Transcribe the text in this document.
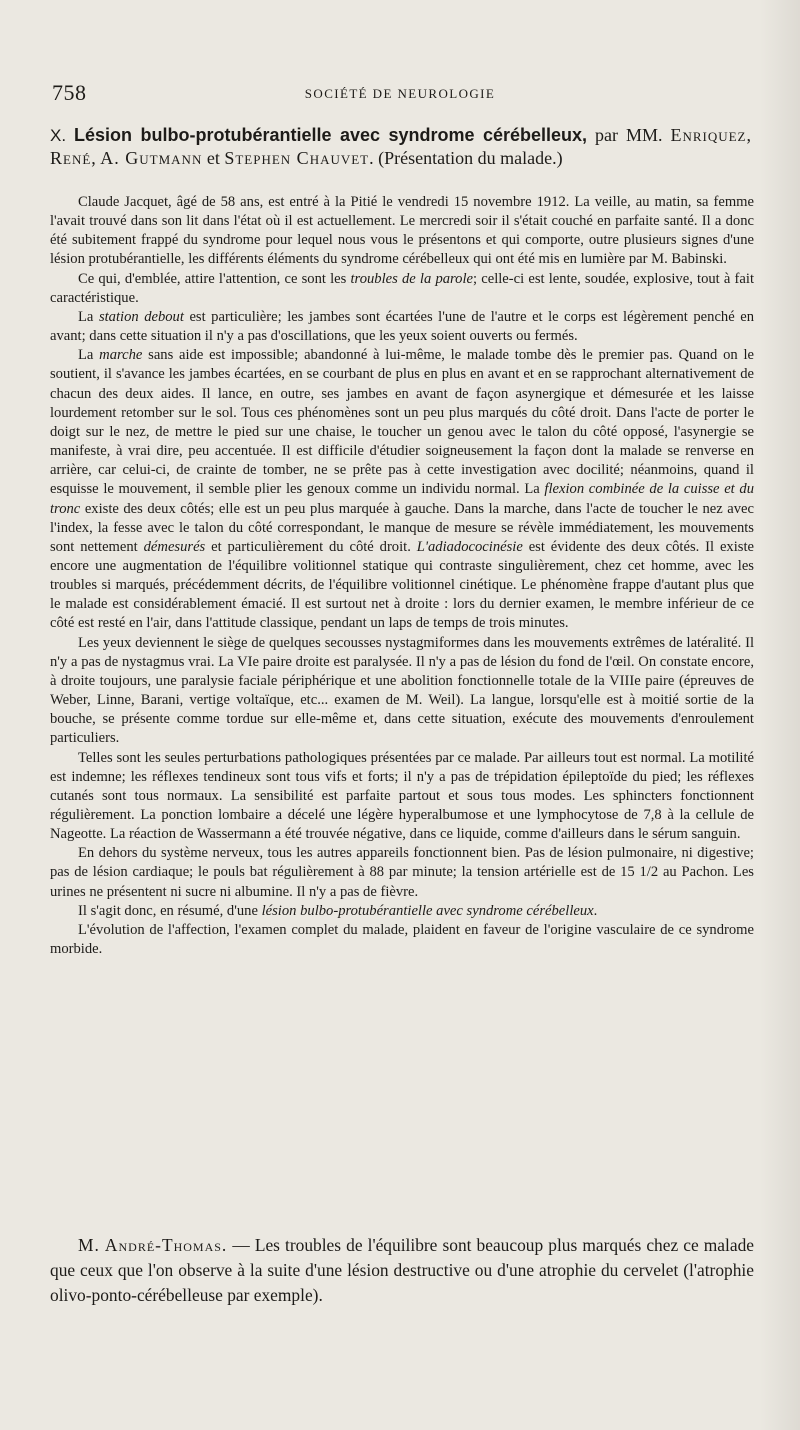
758	SOCIÉTÉ DE NEUROLOGIE
X. Lésion bulbo-protubérantielle avec syndrome cérébelleux, par MM. Enriquez, René, A. Gutmann et Stephen Chauvet. (Présentation du malade.)

Claude Jacquet, âgé de 58 ans, est entré à la Pitié le vendredi 15 novembre 1912. La veille, au matin, sa femme l'avait trouvé dans son lit dans l'état où il est actuellement. Le mercredi soir il s'était couché en parfaite santé. Il a donc été subitement frappé du syndrome pour lequel nous vous le présentons et qui comporte, outre plusieurs signes d'une lésion protubérantielle, les différents éléments du syndrome cérébelleux qui ont été mis en lumière par M. Babinski.

Ce qui, d'emblée, attire l'attention, ce sont les troubles de la parole; celle-ci est lente, soudée, explosive, tout à fait caractéristique.

La station debout est particulière; les jambes sont écartées l'une de l'autre et le corps est légèrement penché en avant; dans cette situation il n'y a pas d'oscillations, que les yeux soient ouverts ou fermés.

La marche sans aide est impossible; abandonné à lui-même, le malade tombe dès le premier pas. Quand on le soutient, il s'avance les jambes écartées, en se courbant de plus en plus en avant et en se rapprochant alternativement de chacun des deux aides. Il lance, en outre, ses jambes en avant de façon asynergique et démesurée et les laisse lourdement retomber sur le sol. Tous ces phénomènes sont un peu plus marqués du côté droit. Dans l'acte de porter le doigt sur le nez, de mettre le pied sur une chaise, le toucher un genou avec le talon du côté opposé, l'asynergie se manifeste, à vrai dire, peu accentuée. Il est difficile d'étudier soigneusement la façon dont la malade se renverse en arrière, car celui-ci, de crainte de tomber, ne se prête pas à cette investigation avec docilité; néanmoins, quand il esquisse le mouvement, il semble plier les genoux comme un individu normal. La flexion combinée de la cuisse et du tronc existe des deux côtés; elle est un peu plus marquée à gauche. Dans la marche, dans l'acte de toucher le nez avec l'index, la fesse avec le talon du côté correspondant, le manque de mesure se révèle immédiatement, les mouvements sont nettement démesurés et particulièrement du côté droit. L'adiadococinésie est évidente des deux côtés. Il existe encore une augmentation de l'équilibre volitionnel statique qui contraste singulièrement, chez cet homme, avec les troubles si marqués, précédemment décrits, de l'équilibre volitionnel cinétique. Le phénomène frappe d'autant plus que le malade est considérablement émacié. Il est surtout net à droite : lors du dernier examen, le membre inférieur de ce côté est resté en l'air, dans l'attitude classique, pendant un laps de temps de trois minutes.

Les yeux deviennent le siège de quelques secousses nystagmiformes dans les mouvements extrêmes de latéralité. Il n'y a pas de nystagmus vrai. La VIe paire droite est paralysée. Il n'y a pas de lésion du fond de l'œil. On constate encore, à droite toujours, une paralysie faciale périphérique et une abolition fonctionnelle totale de la VIIIe paire (épreuves de Weber, Linne, Barani, vertige voltaïque, etc... examen de M. Weil). La langue, lorsqu'elle est à moitié sortie de la bouche, se présente comme tordue sur elle-même et, dans cette situation, exécute des mouvements d'enroulement particuliers.

Telles sont les seules perturbations pathologiques présentées par ce malade. Par ailleurs tout est normal. La motilité est indemne; les réflexes tendineux sont tous vifs et forts; il n'y a pas de trépidation épileptoïde du pied; les réflexes cutanés sont tous normaux. La sensibilité est parfaite partout et sous tous modes. Les sphincters fonctionnent régulièrement. La ponction lombaire a décelé une légère hyperalbumose et une lymphocytose de 7,8 à la cellule de Nageotte. La réaction de Wassermann a été trouvée négative, dans ce liquide, comme d'ailleurs dans le sérum sanguin.

En dehors du système nerveux, tous les autres appareils fonctionnent bien. Pas de lésion pulmonaire, ni digestive; pas de lésion cardiaque; le pouls bat régulièrement à 88 par minute; la tension artérielle est de 15 1/2 au Pachon. Les urines ne présentent ni sucre ni albumine. Il n'y a pas de fièvre.

Il s'agit donc, en résumé, d'une lésion bulbo-protubérantielle avec syndrome cérébelleux.

L'évolution de l'affection, l'examen complet du malade, plaident en faveur de l'origine vasculaire de ce syndrome morbide.

M. André-Thomas. — Les troubles de l'équilibre sont beaucoup plus marqués chez ce malade que ceux que l'on observe à la suite d'une lésion destructive ou d'une atrophie du cervelet (l'atrophie olivo-ponto-cérébelleuse par exemple).
